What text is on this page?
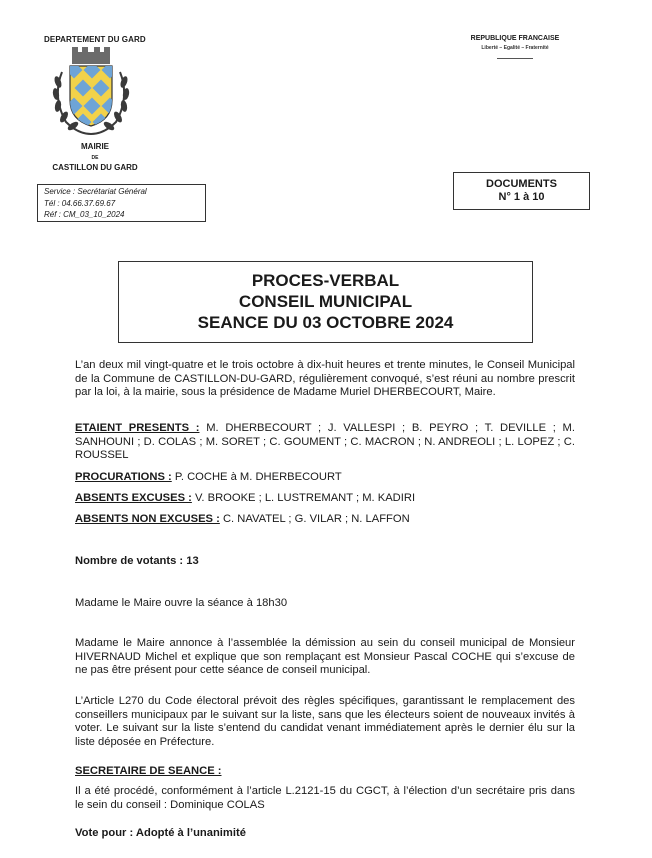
DEPARTEMENT DU GARD	REPUBLIQUE FRANCAISE
Liberté – Egalité – Fraternité
MAIRIE
DE
CASTILLON DU GARD
Service : Secrétariat Général
Tél : 04.66.37.69.67
Réf : CM_03_10_2024
DOCUMENTS
N° 1 à 10
PROCES-VERBAL
CONSEIL MUNICIPAL
SEANCE DU 03 OCTOBRE 2024
L’an deux mil vingt-quatre et le trois octobre à dix-huit heures et trente minutes, le Conseil Municipal de la Commune de CASTILLON-DU-GARD, régulièrement convoqué, s’est réuni au nombre prescrit par la loi, à la mairie, sous la présidence de Madame Muriel DHERBECOURT, Maire.
ETAIENT PRESENTS : M. DHERBECOURT ; J. VALLESPI ; B. PEYRO ; T. DEVILLE ; M. SANHOUNI ; D. COLAS ; M. SORET ; C. GOUMENT ; C. MACRON ; N. ANDREOLI ; L. LOPEZ ; C. ROUSSEL
PROCURATIONS : P. COCHE à M. DHERBECOURT
ABSENTS EXCUSES : V. BROOKE ; L. LUSTREMANT ; M. KADIRI
ABSENTS NON EXCUSES : C. NAVATEL ; G. VILAR ; N. LAFFON
Nombre de votants : 13
Madame le Maire ouvre la séance à 18h30
Madame le Maire annonce à l’assemblée la démission au sein du conseil municipal de Monsieur HIVERNAUD Michel et explique que son remplaçant est Monsieur Pascal COCHE qui s’excuse de ne pas être présent pour cette séance de conseil municipal.
L’Article L270 du Code électoral prévoit des règles spécifiques, garantissant le remplacement des conseillers municipaux par le suivant sur la liste, sans que les électeurs soient de nouveaux invités à voter. Le suivant sur la liste s’entend du candidat venant immédiatement après le dernier élu sur la liste déposée en Préfecture.
SECRETAIRE DE SEANCE :
Il a été procédé, conformément à l’article L.2121-15 du CGCT, à l’élection d’un secrétaire pris dans le sein du conseil : Dominique COLAS
Vote pour : Adopté à l’unanimité
